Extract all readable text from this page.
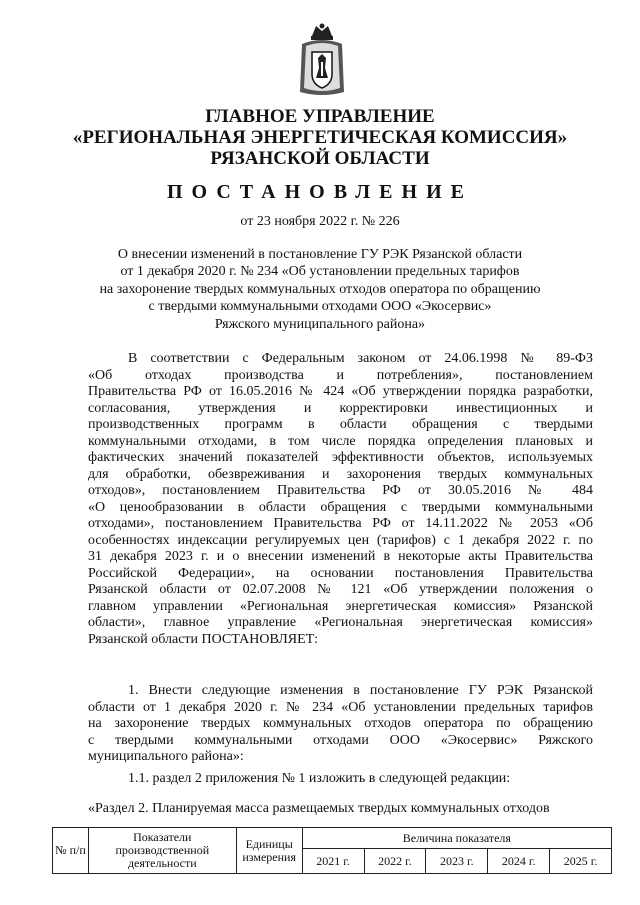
ГЛАВНОЕ УПРАВЛЕНИЕ
«РЕГИОНАЛЬНАЯ ЭНЕРГЕТИЧЕСКАЯ КОМИССИЯ»
РЯЗАНСКОЙ ОБЛАСТИ
ПОСТАНОВЛЕНИЕ
от 23 ноября 2022 г. № 226
О внесении изменений в постановление ГУ РЭК Рязанской области
от 1 декабря 2020 г. № 234 «Об установлении предельных тарифов
на захоронение твердых коммунальных отходов оператора по обращению
с твердыми коммунальными отходами ООО «Экосервис»
Ряжского муниципального района»
В соответствии с Федеральным законом от 24.06.1998 № 89-ФЗ
«Об отходах производства и потребления», постановлением
Правительства РФ от 16.05.2016 № 424 «Об утверждении порядка разработки,
согласования, утверждения и корректировки инвестиционных и
производственных программ в области обращения с твердыми
коммунальными отходами, в том числе порядка определения плановых и
фактических значений показателей эффективности объектов, используемых
для обработки, обезвреживания и захоронения твердых коммунальных
отходов», постановлением Правительства РФ от 30.05.2016 № 484
«О ценообразовании в области обращения с твердыми коммунальными
отходами», постановлением Правительства РФ от 14.11.2022 № 2053 «Об
особенностях индексации регулируемых цен (тарифов) с 1 декабря 2022 г. по
31 декабря 2023 г. и о внесении изменений в некоторые акты Правительства
Российской Федерации», на основании постановления Правительства
Рязанской области от 02.07.2008 № 121 «Об утверждении положения о
главном управлении «Региональная энергетическая комиссия» Рязанской
области», главное управление «Региональная энергетическая комиссия»
Рязанской области ПОСТАНОВЛЯЕТ:
1. Внести следующие изменения в постановление ГУ РЭК Рязанской
области от 1 декабря 2020 г. № 234 «Об установлении предельных тарифов
на захоронение твердых коммунальных отходов оператора по обращению
с твердыми коммунальными отходами ООО «Экосервис» Ряжского
муниципального района»:
1.1. раздел 2 приложения № 1 изложить в следующей редакции:
«Раздел 2. Планируемая масса размещаемых твердых коммунальных отходов
№ п/п	Показатели производственной деятельности	Единицы измерения	Величина показателя				
			2021 г.	2022 г.	2023 г.	2024 г.	2025 г.
